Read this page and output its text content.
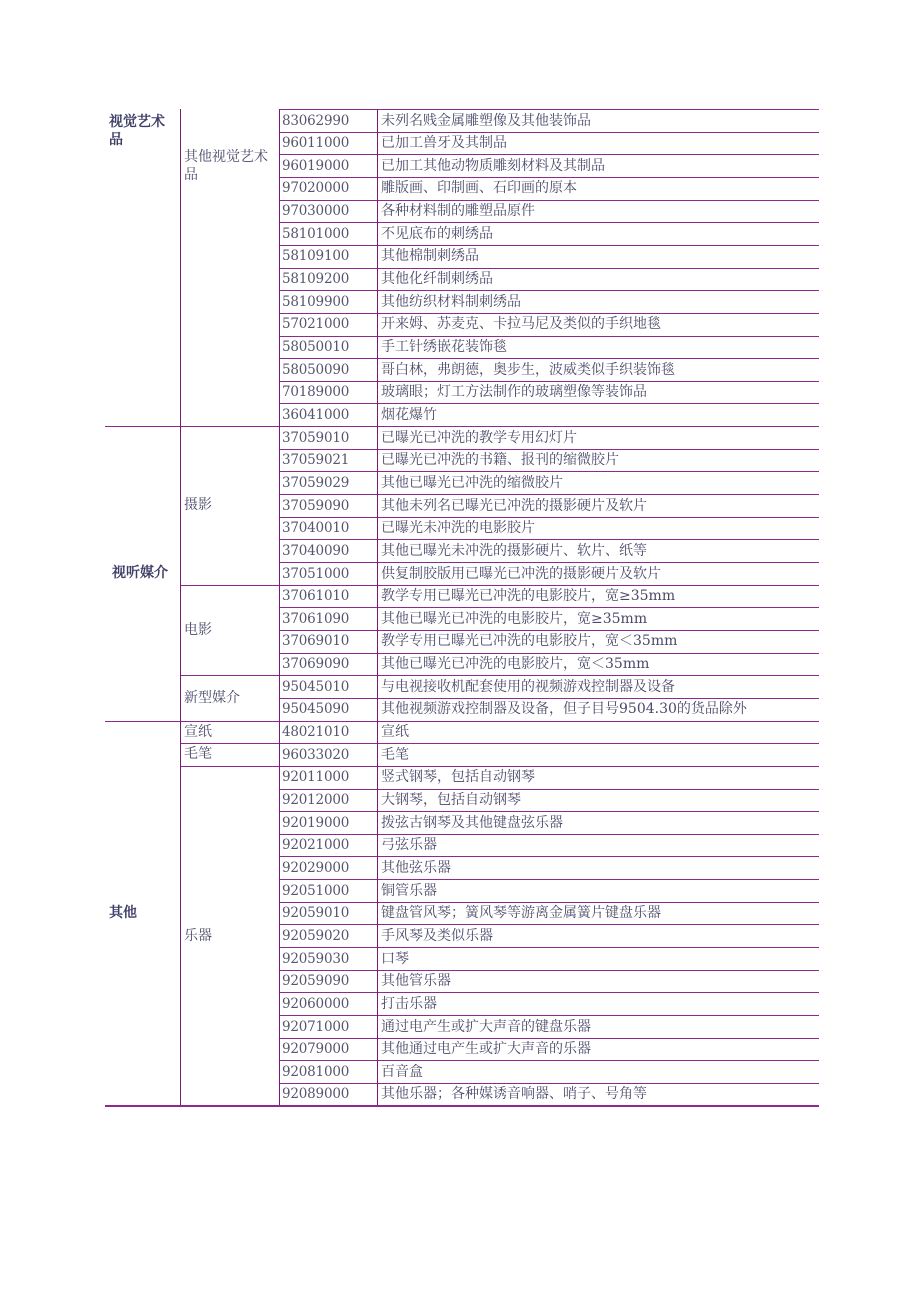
视觉艺术品
其他视觉艺术品
83062990	未列名贱金属雕塑像及其他装饰品
96011000	已加工兽牙及其制品
96019000	已加工其他动物质雕刻材料及其制品
97020000	雕版画、印制画、石印画的原本
97030000	各种材料制的雕塑品原件
58101000	不见底布的刺绣品
58109100	其他棉制刺绣品
58109200	其他化纤制刺绣品
58109900	其他纺织材料制刺绣品
57021000	开来姆、苏麦克、卡拉马尼及类似的手织地毯
58050010	手工针绣嵌花装饰毯
58050090	哥白林，弗朗德，奥步生，波威类似手织装饰毯
70189000	玻璃眼；灯工方法制作的玻璃塑像等装饰品
36041000	烟花爆竹
视听媒介
摄影
37059010	已曝光已冲洗的教学专用幻灯片
37059021	已曝光已冲洗的书籍、报刊的缩微胶片
37059029	其他已曝光已冲洗的缩微胶片
37059090	其他未列名已曝光已冲洗的摄影硬片及软片
37040010	已曝光未冲洗的电影胶片
37040090	其他已曝光未冲洗的摄影硬片、软片、纸等
37051000	供复制胶版用已曝光已冲洗的摄影硬片及软片
电影
37061010	教学专用已曝光已冲洗的电影胶片，宽≥35mm
37061090	其他已曝光已冲洗的电影胶片，宽≥35mm
37069010	教学专用已曝光已冲洗的电影胶片，宽＜35mm
37069090	其他已曝光已冲洗的电影胶片，宽＜35mm
新型媒介
95045010	与电视接收机配套使用的视频游戏控制器及设备
95045090	其他视频游戏控制器及设备，但子目号9504.30的货品除外
其他
宣纸	48021010	宣纸
毛笔	96033020	毛笔
乐器
92011000	竖式钢琴，包括自动钢琴
92012000	大钢琴，包括自动钢琴
92019000	拨弦古钢琴及其他键盘弦乐器
92021000	弓弦乐器
92029000	其他弦乐器
92051000	铜管乐器
92059010	键盘管风琴；簧风琴等游离金属簧片键盘乐器
92059020	手风琴及类似乐器
92059030	口琴
92059090	其他管乐器
92060000	打击乐器
92071000	通过电产生或扩大声音的键盘乐器
92079000	其他通过电产生或扩大声音的乐器
92081000	百音盒
92089000	其他乐器；各种媒诱音响器、哨子、号角等
